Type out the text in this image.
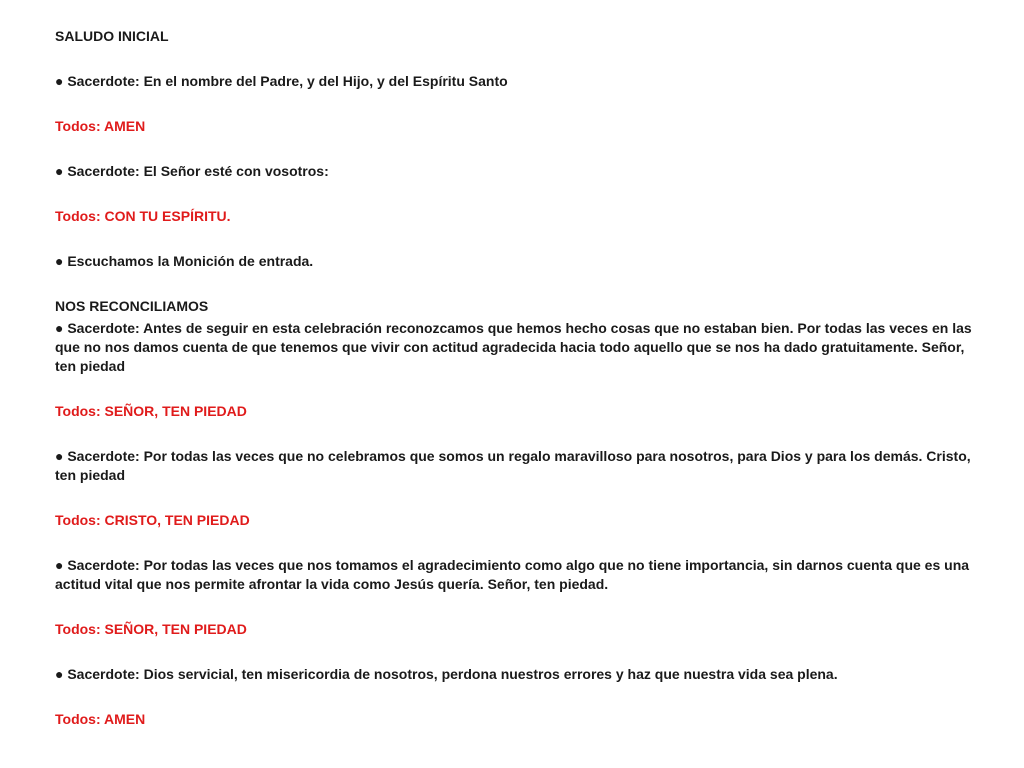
SALUDO INICIAL

● Sacerdote: En el nombre del Padre, y del Hijo, y del Espíritu Santo

Todos: AMEN

● Sacerdote: El Señor esté con vosotros:

Todos: CON TU ESPÍRITU.

● Escuchamos la Monición de entrada.

NOS RECONCILIAMOS

● Sacerdote: Antes de seguir en esta celebración reconozcamos que hemos hecho cosas que no estaban bien. Por todas las veces en las que no nos damos cuenta de que tenemos que vivir con actitud agradecida hacia todo aquello que se nos ha dado gratuitamente. Señor, ten piedad

Todos: SEÑOR, TEN PIEDAD

● Sacerdote: Por todas las veces que no celebramos que somos un regalo maravilloso para nosotros, para Dios y para los demás. Cristo, ten piedad

Todos: CRISTO, TEN PIEDAD

● Sacerdote: Por todas las veces que nos tomamos el agradecimiento como algo que no tiene importancia, sin darnos cuenta que es una actitud vital que nos permite afrontar la vida como Jesús quería. Señor, ten piedad.

Todos: SEÑOR, TEN PIEDAD

● Sacerdote: Dios servicial, ten misericordia de nosotros, perdona nuestros errores y haz que nuestra vida sea plena.

Todos: AMEN
